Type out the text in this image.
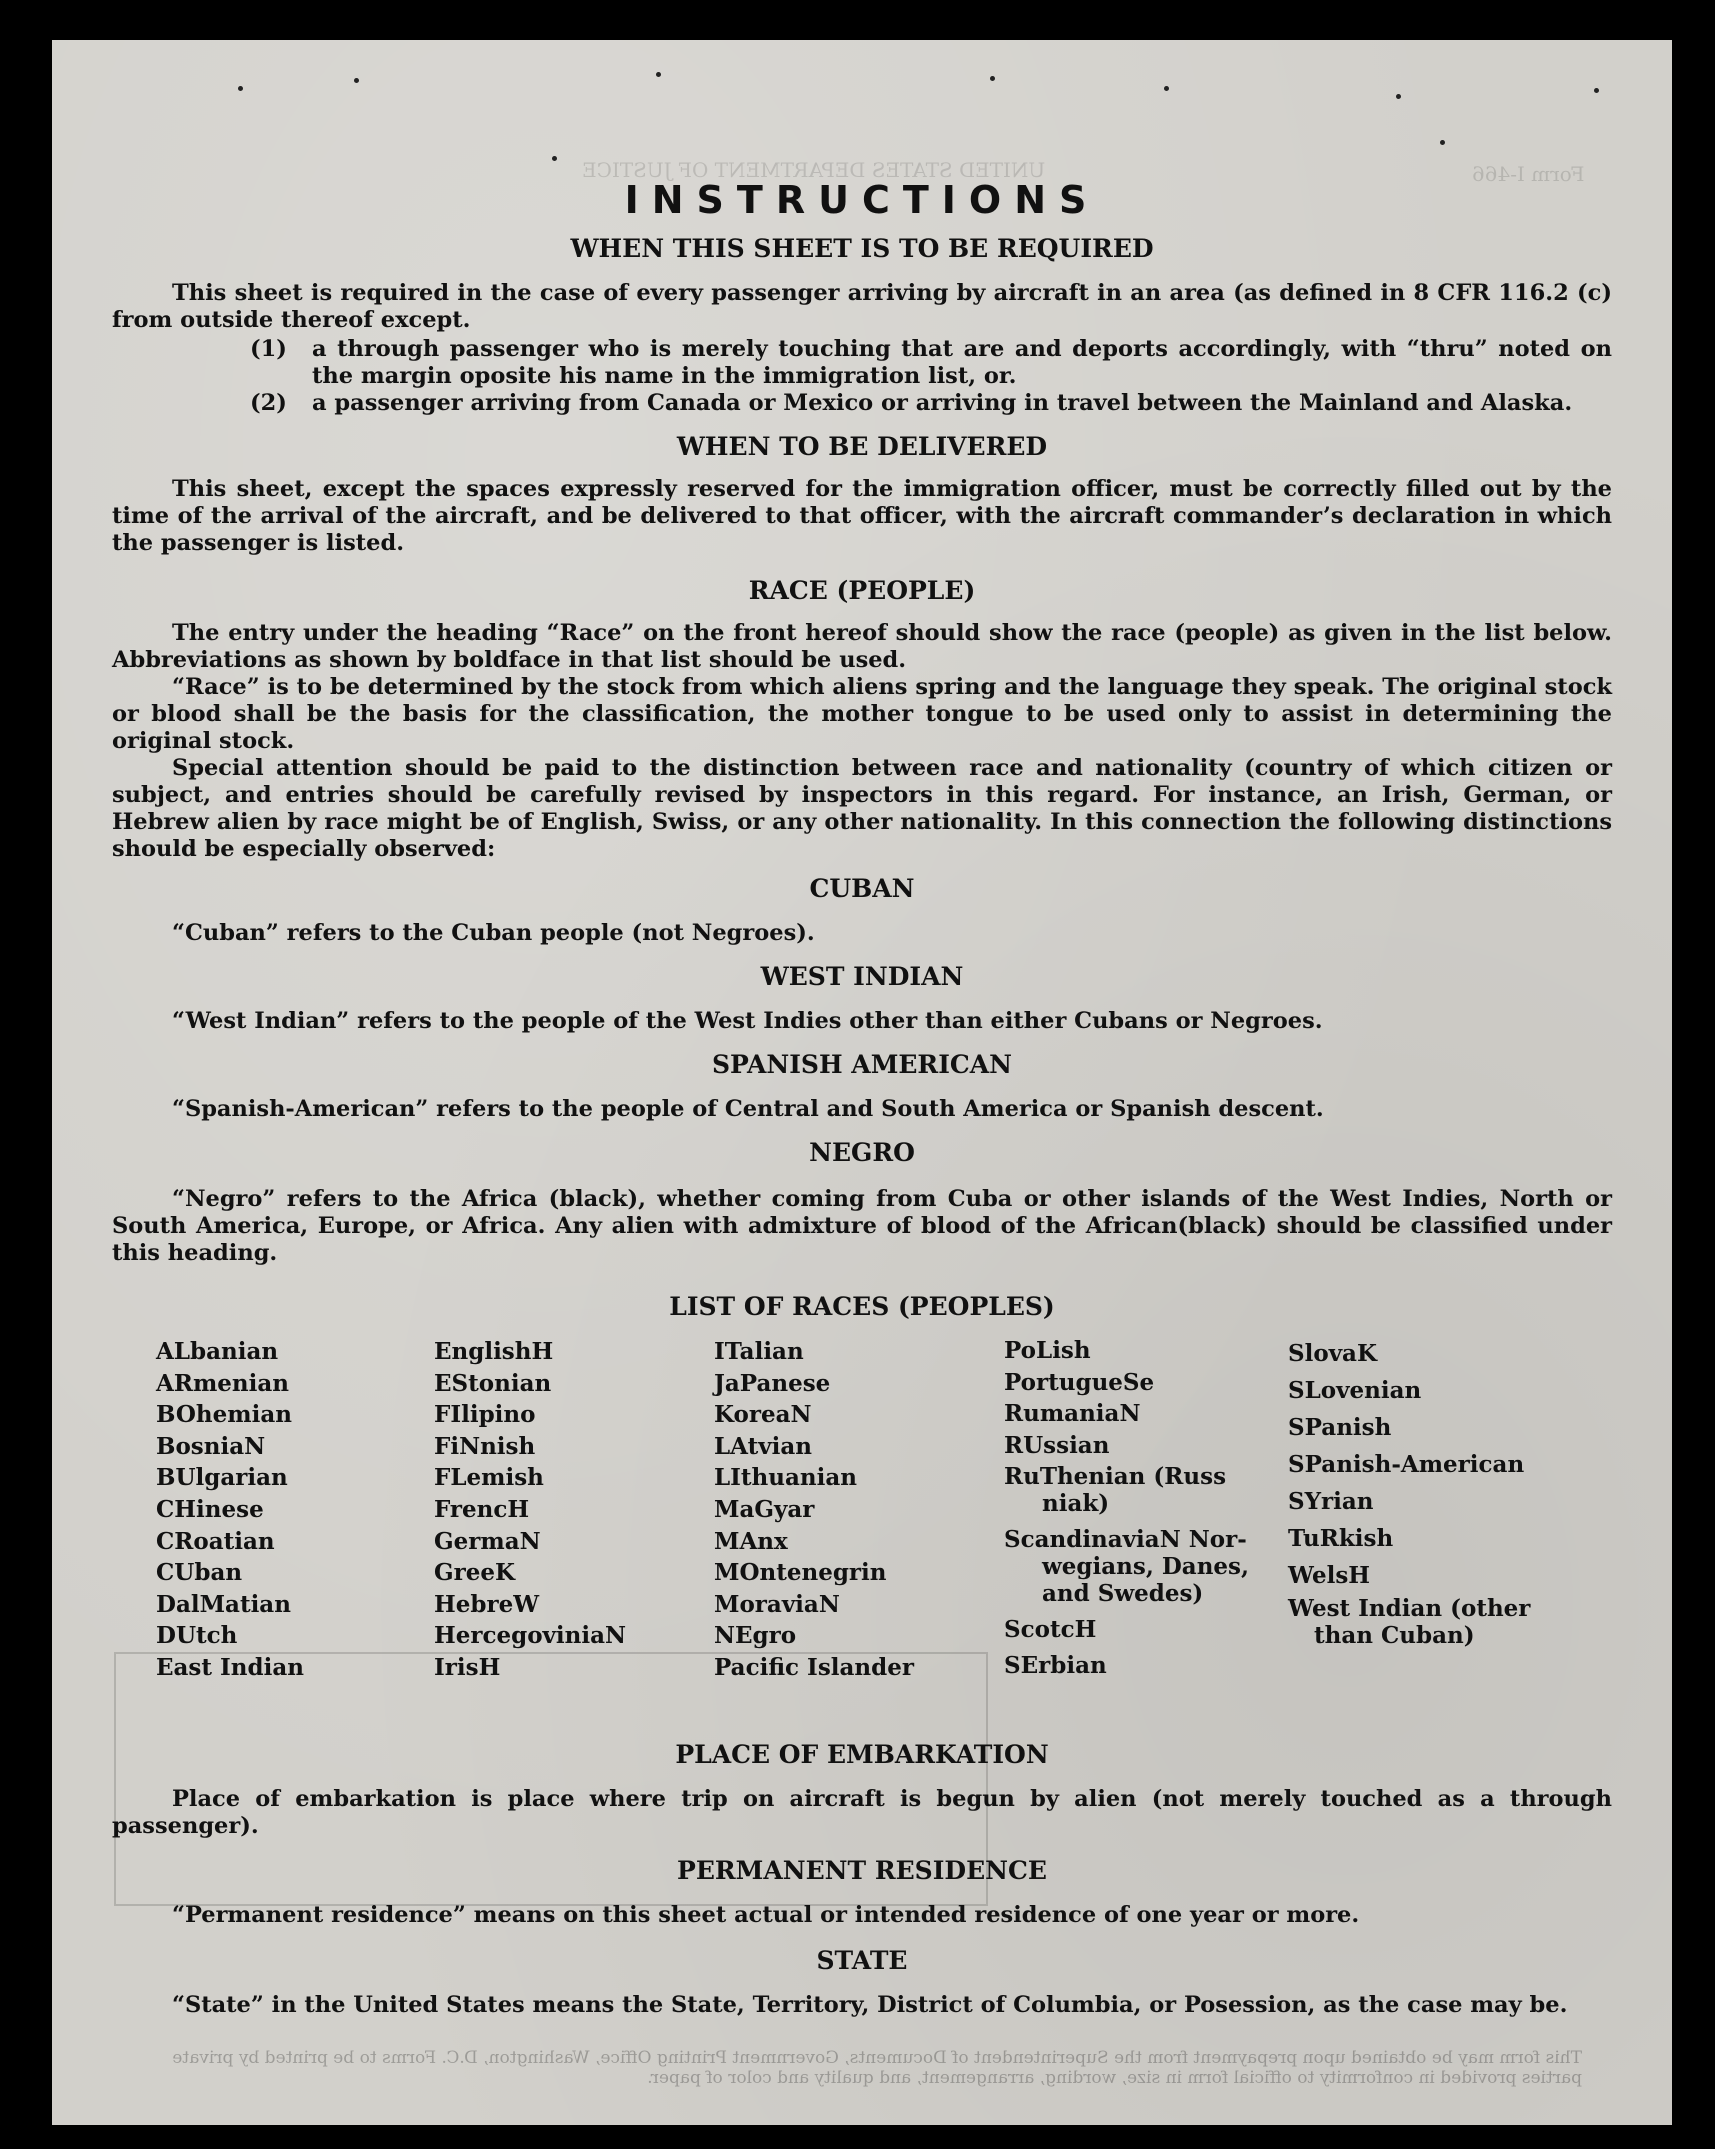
UNITED STATES DEPARTMENT OF JUSTICE	Form I-466

INSTRUCTIONS
WHEN THIS SHEET IS TO BE REQUIRED

This sheet is required in the case of every passenger arriving by aircraft in an area (as defined in 8 CFR 116.2 (c) from outside thereof except.

(1)	a through passenger who is merely touching that are and deports accordingly, with “thru” noted on the margin oposite his name in the immigration list, or.
(2)	a passenger arriving from Canada or Mexico or arriving in travel between the Mainland and Alaska.
WHEN TO BE DELIVERED

This sheet, except the spaces expressly reserved for the immigration officer, must be correctly filled out by the time of the arrival of the aircraft, and be delivered to that officer, with the aircraft commander’s declaration in which the passenger is listed.

RACE (PEOPLE)

The entry under the heading “Race” on the front hereof should show the race (people) as given in the list below. Abbreviations as shown by boldface in that list should be used.

“Race” is to be determined by the stock from which aliens spring and the language they speak. The original stock or blood shall be the basis for the classification, the mother tongue to be used only to assist in determining the original stock.

Special attention should be paid to the distinction between race and nationality (country of which citizen or subject, and entries should be carefully revised by inspectors in this regard. For instance, an Irish, German, or Hebrew alien by race might be of English, Swiss, or any other nationality. In this connection the following distinctions should be especially observed:

CUBAN

“Cuban” refers to the Cuban people (not Negroes).

WEST INDIAN

“West Indian” refers to the people of the West Indies other than either Cubans or Negroes.

SPANISH AMERICAN

“Spanish-American” refers to the people of Central and South America or Spanish descent.

NEGRO

“Negro” refers to the Africa (black), whether coming from Cuba or other islands of the West Indies, North or South America, Europe, or Africa. Any alien with admixture of blood of the African(black) should be classified under this heading.

LIST OF RACES (PEOPLES)
ALbanian
ARmenian
BOhemian
BosniaN
BUlgarian
CHinese
CRoatian
CUban
DalMatian
DUtch
East Indian
EnglishH
EStonian
FIlipino
FiNnish
FLemish
FrencH
GermaN
GreeK
HebreW
HercegoviniaN
IrisH
ITalian
JaPanese
KoreaN
LAtvian
LIthuanian
MaGyar
MAnx
MOntenegrin
MoraviaN
NEgro
Pacific Islander
PoLish
PortugueSe
RumaniaN
RUssian
RuThenian (Russ
niak)
ScandinaviaN Nor-
wegians, Danes,
and Swedes)
ScotcH
SErbian
SlovaK
SLovenian
SPanish
SPanish-American
SYrian
TuRkish
WelsH
West Indian (other
than Cuban)
PLACE OF EMBARKATION

Place of embarkation is place where trip on aircraft is begun by alien (not merely touched as a through passenger).

PERMANENT RESIDENCE

“Permanent residence” means on this sheet actual or intended residence of one year or more.

STATE

“State” in the United States means the State, Territory, District of Columbia, or Posession, as the case may be.

This form may be obtained upon prepayment from the Superintendent of Documents, Government Printing Office, Washington, D.C. Forms to be printed by private parties provided in conformity to official form in size, wording, arrangement, and quality and color of paper.
